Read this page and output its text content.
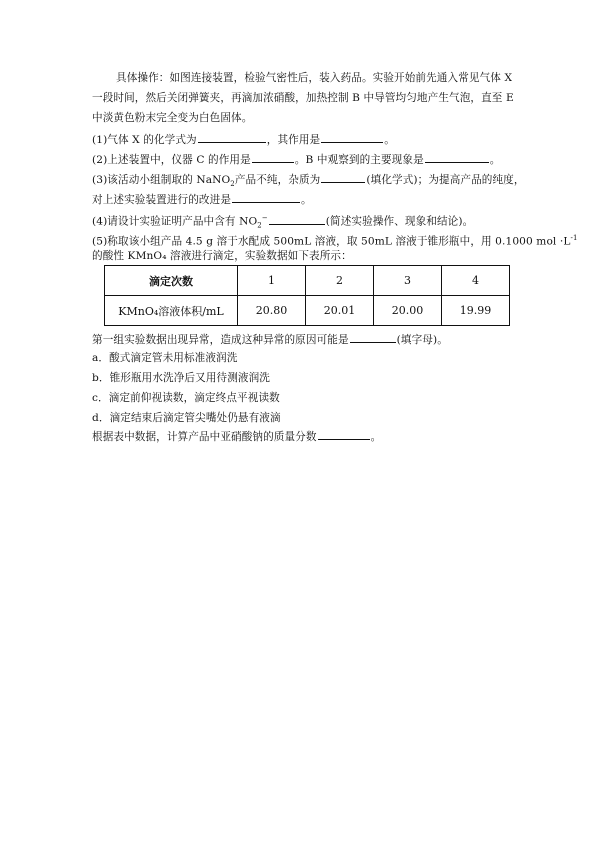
具体操作：如图连接装置，检验气密性后，装入药品。实验开始前先通入常见气体 X
一段时间，然后关闭弹簧夹，再滴加浓硝酸，加热控制 B 中导管均匀地产生气泡，直至 E
中淡黄色粉末完全变为白色固体。
(1)气体 X 的化学式为	，其作用是	。
(2)上述装置中，仪器 C 的作用是	。B 中观察到的主要现象是	。
(3)该活动小组制取的 NaNO$_2$产品不纯，杂质为	(填化学式)；为提高产品的纯度，
对上述实验装置进行的改进是	。
(4)请设计实验证明产品中含有 $NO_2^-$	(简述实验操作、现象和结论)。
(5)称取该小组产品 4.5 g 溶于水配成 500mL 溶液，取 50mL 溶液于锥形瓶中，用 0.1000 mol $\cdot L^{-1}$
的酸性 KMnO₄ 溶液进行滴定，实验数据如下表所示：
滴定次数	1	2	3	4
KMnO₄溶液体积/mL	20.80	20.01	20.00	19.99
第一组实验数据出现异常，造成这种异常的原因可能是	(填字母)。
a．酸式滴定管未用标准液润洗
b．锥形瓶用水洗净后又用待测液润洗
c．滴定前仰视读数，滴定终点平视读数
d．滴定结束后滴定管尖嘴处仍悬有液滴
根据表中数据，计算产品中亚硝酸钠的质量分数	。
